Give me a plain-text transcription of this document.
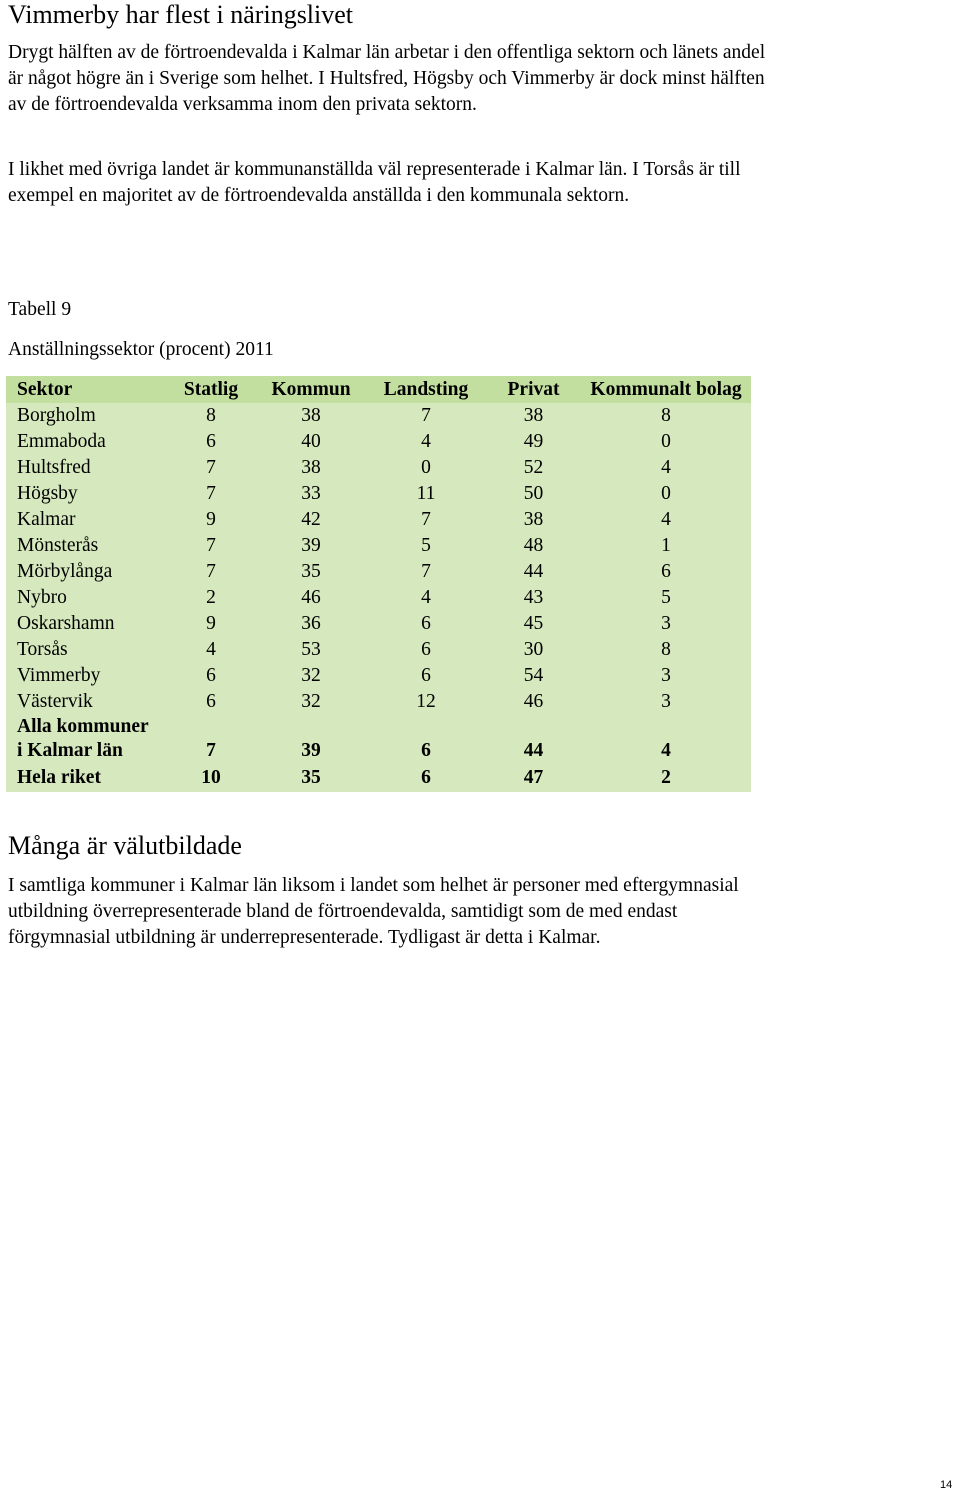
Vimmerby har flest i näringslivet

Drygt hälften av de förtroendevalda i Kalmar län arbetar i den offentliga sektorn och länets andel är något högre än i Sverige som helhet. I Hultsfred, Högsby och Vimmerby är dock minst hälften av de förtroendevalda verksamma inom den privata sektorn.

I likhet med övriga landet är kommunanställda väl representerade i Kalmar län. I Torsås är till exempel en majoritet av de förtroendevalda anställda i den kommunala sektorn.

Tabell 9
Anställningssektor (procent) 2011
Sektor	Statlig	Kommun	Landsting	Privat	Kommunalt bolag
Borgholm	8	38	7	38	8
Emmaboda	6	40	4	49	0
Hultsfred	7	38	0	52	4
Högsby	7	33	11	50	0
Kalmar	9	42	7	38	4
Mönsterås	7	39	5	48	1
Mörbylånga	7	35	7	44	6
Nybro	2	46	4	43	5
Oskarshamn	9	36	6	45	3
Torsås	4	53	6	30	8
Vimmerby	6	32	6	54	3
Västervik	6	32	12	46	3
Alla kommuner
i Kalmar län	7	39	6	44	4
Hela riket	10	35	6	47	2
Många är välutbildade

I samtliga kommuner i Kalmar län liksom i landet som helhet är personer med eftergymnasial utbildning överrepresenterade bland de förtroendevalda, samtidigt som de med endast förgymnasial utbildning är underrepresenterade. Tydligast är detta i Kalmar.

14
